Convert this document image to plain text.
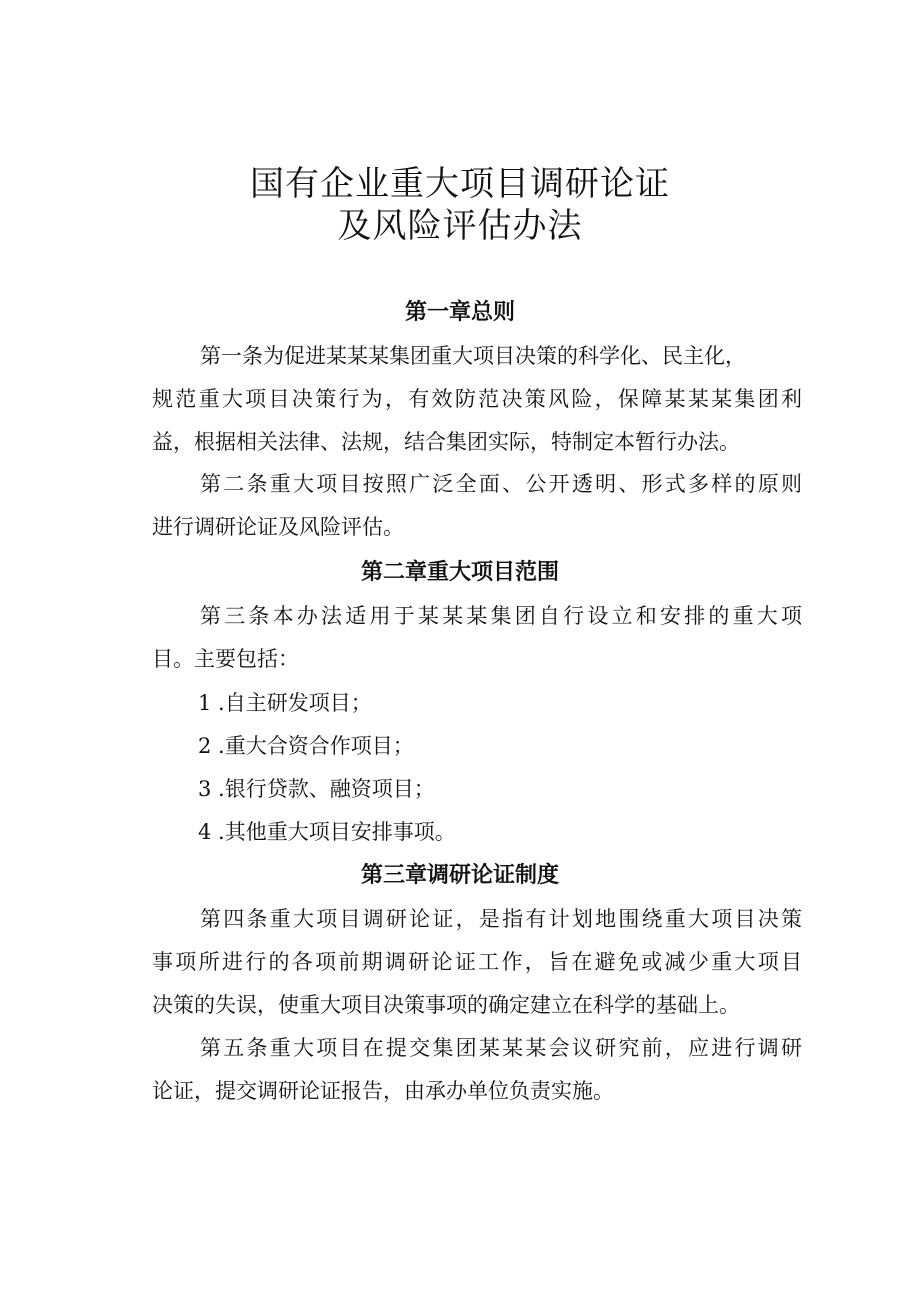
国有企业重大项目调研论证
及风险评估办法
第一章总则
第一条为促进某某某集团重大项目决策的科学化、民主化，
规范重大项目决策行为，有效防范决策风险，保障某某某集团利
益，根据相关法律、法规，结合集团实际，特制定本暂行办法。
第二条重大项目按照广泛全面、公开透明、形式多样的原则
进行调研论证及风险评估。
第二章重大项目范围
第三条本办法适用于某某某集团自行设立和安排的重大项
目。主要包括：
1 .自主研发项目；
2 .重大合资合作项目；
3 .银行贷款、融资项目；
4 .其他重大项目安排事项。
第三章调研论证制度
第四条重大项目调研论证，是指有计划地围绕重大项目决策
事项所进行的各项前期调研论证工作，旨在避免或减少重大项目
决策的失误，使重大项目决策事项的确定建立在科学的基础上。
第五条重大项目在提交集团某某某会议研究前，应进行调研
论证，提交调研论证报告，由承办单位负责实施。
